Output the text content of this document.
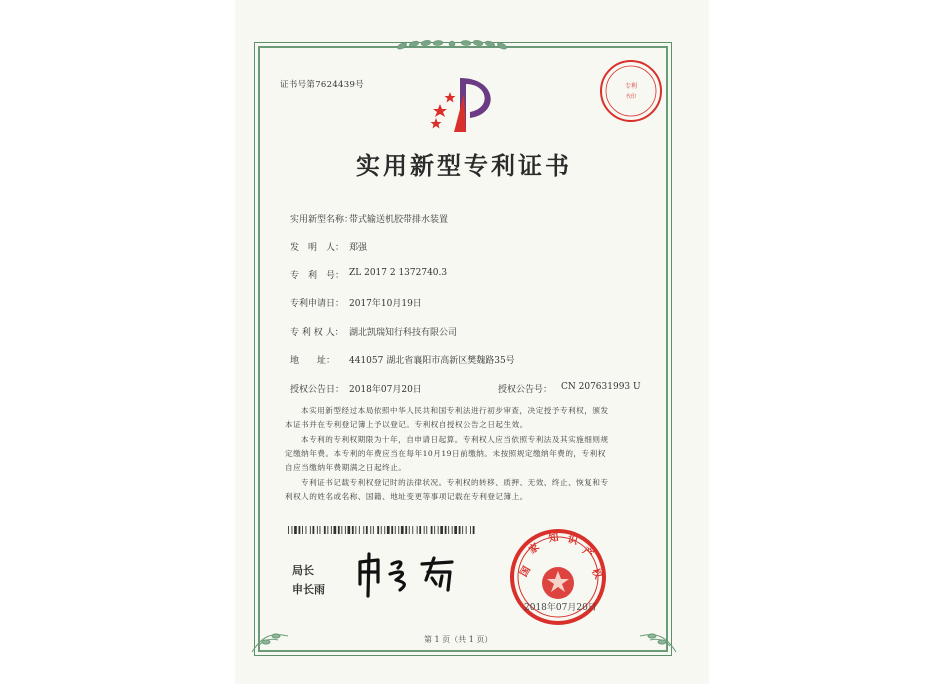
证书号第7624439号	专利
代印
实用新型专利证书
实用新型名称：
带式输送机胶带排水装置
发　明　人： 郑强
专　利　号： ZL 2017 2 1372740.3
专利申请日： 2017年10月19日
专 利 权 人： 湖北凯瑞知行科技有限公司
地　　址： 441057 湖北省襄阳市高新区樊魏路35号
授权公告日： 2018年07月20日	授权公告号： CN 207631993 U
本实用新型经过本局依照中华人民共和国专利法进行初步审查，决定授予专利权，颁发
本证书并在专利登记簿上予以登记。专利权自授权公告之日起生效。
本专利的专利权期限为十年，自申请日起算。专利权人应当依照专利法及其实施细则规
定缴纳年费。本专利的年费应当在每年10月19日前缴纳。未按照规定缴纳年费的，专利权
自应当缴纳年费期满之日起终止。
专利证书记载专利权登记时的法律状况。专利权的转移、质押、无效、终止、恢复和专
利权人的姓名或名称、国籍、地址变更等事项记载在专利登记簿上。
局长
申长雨
国
家
知 识
产
权
2018年07月20日
第 1 页（共 1 页）
